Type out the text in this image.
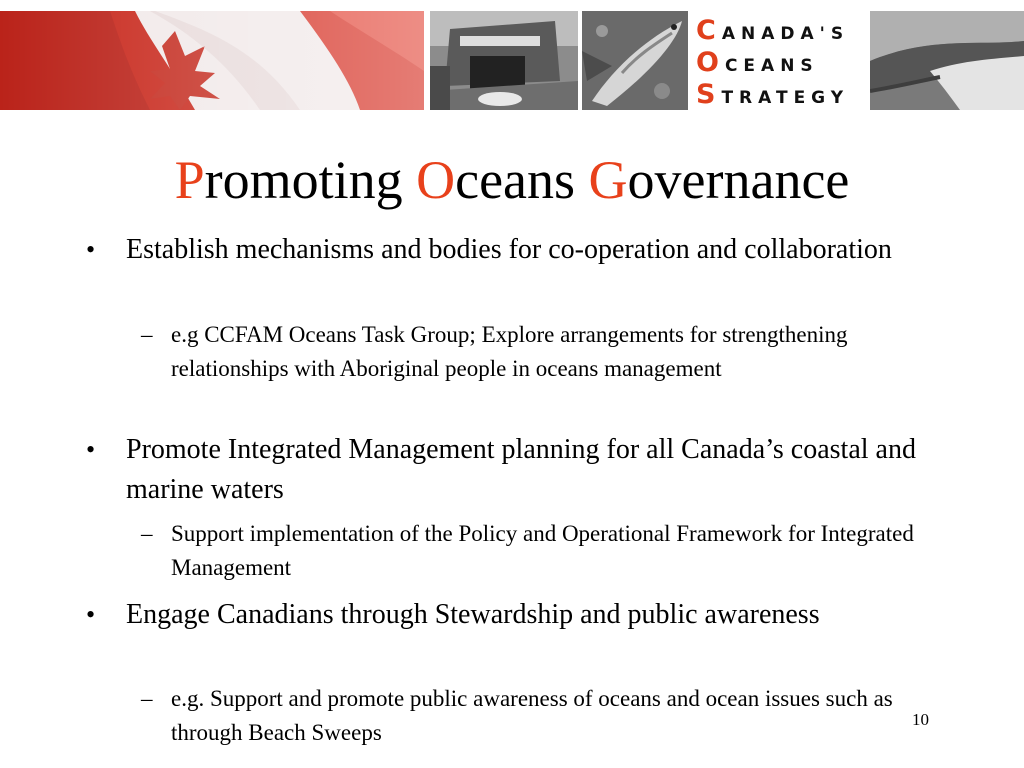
C ANADA'S
O CEANS
S TRATEGY
Promoting Oceans Governance
• Establish mechanisms and bodies for co-operation and collaboration
– e.g CCFAM Oceans Task Group; Explore arrangements for strengthening relationships with Aboriginal people in oceans management
• Promote Integrated Management planning for all Canada’s coastal and marine waters
– Support implementation of the Policy and Operational Framework for Integrated Management
• Engage Canadians through Stewardship and public awareness
– e.g. Support and promote public awareness of oceans and ocean issues such as through Beach Sweeps
10
